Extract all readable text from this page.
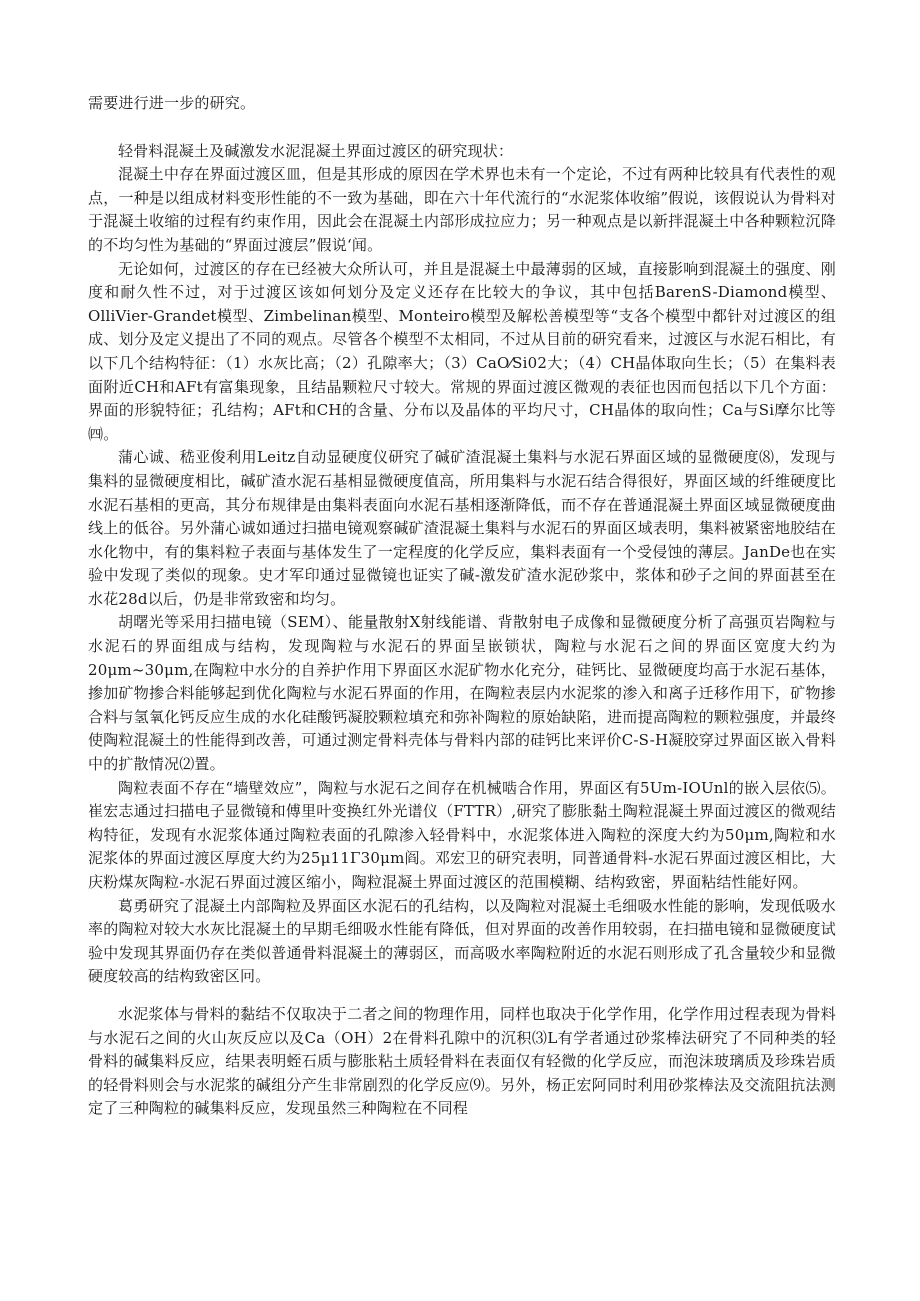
需要进行进一步的研究。

轻骨料混凝土及碱激发水泥混凝土界面过渡区的研究现状：

混凝土中存在界面过渡区皿，但是其形成的原因在学术界也未有一个定论，不过有两种比较具有代表性的观点，一种是以组成材料变形性能的不一致为基础，即在六十年代流行的“水泥浆体收缩”假说，该假说认为骨料对于混凝土收缩的过程有约束作用，因此会在混凝土内部形成拉应力；另一种观点是以新拌混凝土中各种颗粒沉降的不均匀性为基础的“界面过渡层”假说‘闻。

无论如何，过渡区的存在已经被大众所认可，并且是混凝土中最薄弱的区域，直接影响到混凝土的强度、刚度和耐久性不过，对于过渡区该如何划分及定义还存在比较大的争议，其中包括BarenS-Diamond模型、OlliVier-Grandet模型、Zimbelinan模型、Monteiro模型及解松善模型等“支各个模型中都针对过渡区的组成、划分及定义提出了不同的观点。尽管各个模型不太相同，不过从目前的研究看来，过渡区与水泥石相比，有以下几个结构特征：（1）水灰比高；（2）孔隙率大；（3）CaO⁄Si02大；（4）CH晶体取向生长；（5）在集料表面附近CH和AFt有富集现象，且结晶颗粒尺寸较大。常规的界面过渡区微观的表征也因而包括以下几个方面：界面的形貌特征；孔结构；AFt和CH的含量、分布以及晶体的平均尺寸，CH晶体的取向性；Ca与Si摩尔比等㈣。

蒲心诚、嵇亚俊利用Leitz自动显硬度仪研究了碱矿渣混凝土集料与水泥石界面区域的显微硬度⑻，发现与集料的显微硬度相比，碱矿渣水泥石基相显微硬度值高，所用集料与水泥石结合得很好，界面区域的纤维硬度比水泥石基相的更高，其分布规律是由集料表面向水泥石基相逐渐降低，而不存在普通混凝土界面区域显微硬度曲线上的低谷。另外蒲心诚如通过扫描电镜观察碱矿渣混凝土集料与水泥石的界面区域表明，集料被紧密地胶结在水化物中，有的集料粒子表面与基体发生了一定程度的化学反应，集料表面有一个受侵蚀的薄层。JanDe也在实验中发现了类似的现象。史才军印通过显微镜也证实了碱-激发矿渣水泥砂浆中，浆体和砂子之间的界面甚至在水花28d以后，仍是非常致密和均匀。

胡曙光等采用扫描电镜（SEM）、能量散射X射线能谱、背散射电子成像和显微硬度分析了高强页岩陶粒与水泥石的界面组成与结构，发现陶粒与水泥石的界面呈嵌锁状，陶粒与水泥石之间的界面区宽度大约为20μm~30μm,在陶粒中水分的自养护作用下界面区水泥矿物水化充分，硅钙比、显微硬度均高于水泥石基体，掺加矿物掺合料能够起到优化陶粒与水泥石界面的作用，在陶粒表层内水泥浆的渗入和离子迁移作用下，矿物掺合料与氢氧化钙反应生成的水化硅酸钙凝胶颗粒填充和弥补陶粒的原始缺陷，进而提高陶粒的颗粒强度，并最终使陶粒混凝土的性能得到改善，可通过测定骨料壳体与骨料内部的硅钙比来评价C-S-H凝胶穿过界面区嵌入骨料中的扩散情况⑵置。

陶粒表面不存在“墙壁效应”，陶粒与水泥石之间存在机械啮合作用，界面区有5Um-IOUnl的嵌入层依⑸。崔宏志通过扫描电子显微镜和傅里叶变换红外光谱仪（FTTR）,研究了膨胀黏土陶粒混凝土界面过渡区的微观结构特征，发现有水泥浆体通过陶粒表面的孔隙渗入轻骨料中，水泥浆体进入陶粒的深度大约为50μm,陶粒和水泥浆体的界面过渡区厚度大约为25μ11Γ30μm阎。邓宏卫的研究表明，同普通骨料-水泥石界面过渡区相比，大庆粉煤灰陶粒-水泥石界面过渡区缩小，陶粒混凝土界面过渡区的范围模糊、结构致密，界面粘结性能好网。

葛勇研究了混凝土内部陶粒及界面区水泥石的孔结构，以及陶粒对混凝土毛细吸水性能的影响，发现低吸水率的陶粒对较大水灰比混凝土的早期毛细吸水性能有降低，但对界面的改善作用较弱，在扫描电镜和显微硬度试验中发现其界面仍存在类似普通骨料混凝土的薄弱区，而高吸水率陶粒附近的水泥石则形成了孔含量较少和显微硬度较高的结构致密区冋。

水泥浆体与骨料的黏结不仅取决于二者之间的物理作用，同样也取决于化学作用，化学作用过程表现为骨料与水泥石之间的火山灰反应以及Ca（OH）2在骨料孔隙中的沉积⑶L有学者通过砂浆棒法研究了不同种类的轻骨料的碱集料反应，结果表明蛭石质与膨胀粘土质轻骨料在表面仅有轻微的化学反应，而泡沫玻璃质及珍珠岩质的轻骨料则会与水泥浆的碱组分产生非常剧烈的化学反应⑼。另外，杨正宏阿同时利用砂浆棒法及交流阻抗法测定了三种陶粒的碱集料反应，发现虽然三种陶粒在不同程
